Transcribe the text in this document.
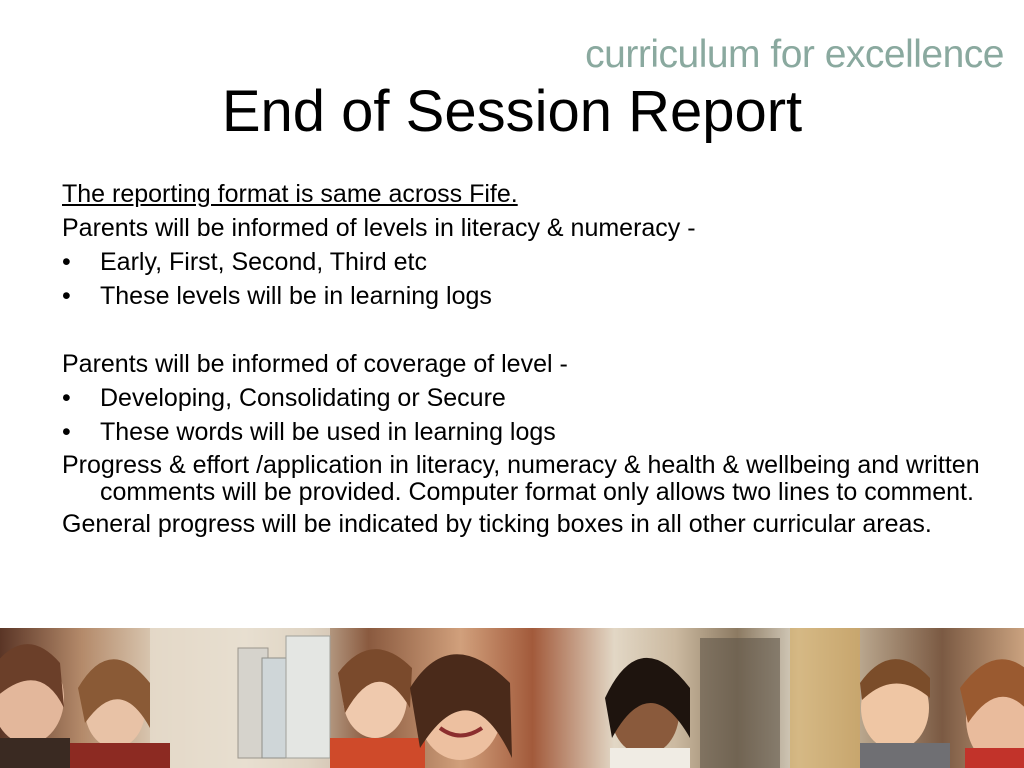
curriculum for excellence
End of Session Report
The reporting format is same across Fife.
Parents will be informed of levels in literacy & numeracy -
• Early, First, Second, Third etc
• These levels will be in learning logs
Parents will be informed of coverage of level -
• Developing, Consolidating or Secure
• These words will be used in learning logs
Progress & effort /application in literacy, numeracy & health & wellbeing and written comments will be provided. Computer format only allows two lines to comment.
General progress will be indicated by ticking boxes in all other curricular areas.
